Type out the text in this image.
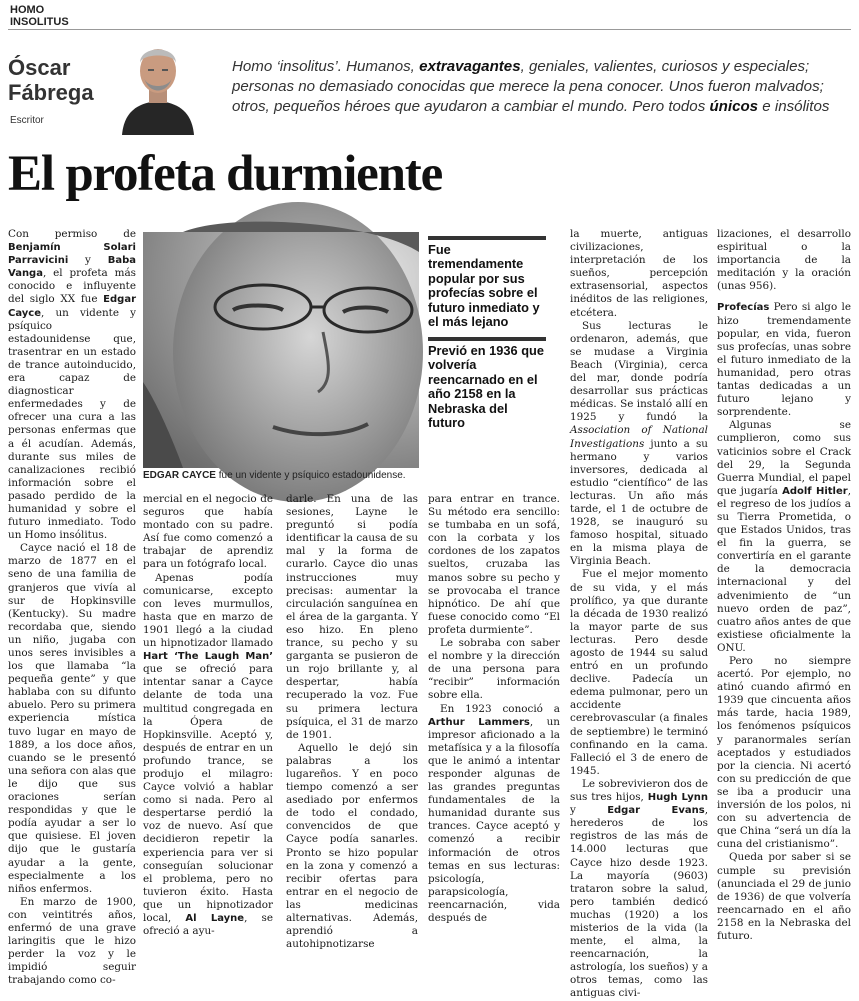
HOMO
INSOLITUS
Óscar
Fábrega
Escritor
Homo ‘insolitus’. Humanos, extravagantes, geniales, valientes, curiosos y especiales; personas no demasiado conocidas que merece la pena conocer. Unos fueron malvados; otros, pequeños héroes que ayudaron a cambiar el mundo. Pero todos únicos e insólitos
El profeta durmiente

Con permiso de Benjamín Solari Parravicini y Baba Vanga, el profeta más conocido e influyente del siglo XX fue Edgar Cayce, un vidente y psíquico estadounidense que, trasentrar en un estado de trance autoinducido, era capaz de diagnosticar enfermedades y de ofrecer una cura a las personas enfermas que a él acudían. Además, durante sus miles de canalizaciones recibió información sobre el pasado perdido de la humanidad y sobre el futuro inmediato. Todo un Homo insólitus.

Cayce nació el 18 de marzo de 1877 en el seno de una familia de granjeros que vivía al sur de Hopkinsville (Kentucky). Su madre recordaba que, siendo un niño, jugaba con unos seres invisibles a los que llamaba “la pequeña gente” y que hablaba con su difunto abuelo. Pero su primera experiencia mística tuvo lugar en mayo de 1889, a los doce años, cuando se le presentó una señora con alas que le dijo que sus oraciones serían respondidas y que le podía ayudar a ser lo que quisiese. El joven dijo que le gustaría ayudar a la gente, especialmente a los niños enfermos.

En marzo de 1900, con veintitrés años, enfermó de una grave laringitis que le hizo perder la voz y le impidió seguir trabajando como co-

EDGAR CAYCE fue un vidente y psíquico estadounidense.
Fue tremendamente popular por sus profecías sobre el futuro inmediato y el más lejano
Previó en 1936 que volvería reencarnado en el año 2158 en la Nebraska del futuro

mercial en el negocio de seguros que había montado con su padre. Así fue como comenzó a trabajar de aprendiz para un fotógrafo local.

Apenas podía comunicarse, excepto con leves murmullos, hasta que en marzo de 1901 llegó a la ciudad un hipnotizador llamado Hart ‘The Laugh Man’ que se ofreció para intentar sanar a Cayce delante de toda una multitud congregada en la Ópera de Hopkinsville. Aceptó y, después de entrar en un profundo trance, se produjo el milagro: Cayce volvió a hablar como si nada. Pero al despertarse perdió la voz de nuevo. Así que decidieron repetir la experiencia para ver si conseguían solucionar el problema, pero no tuvieron éxito. Hasta que un hipnotizador local, Al Layne, se ofreció a ayu-

darle. En una de las sesiones, Layne le preguntó si podía identificar la causa de su mal y la forma de curarlo. Cayce dio unas instrucciones muy precisas: aumentar la circulación sanguínea en el área de la garganta. Y eso hizo. En pleno trance, su pecho y su garganta se pusieron de un rojo brillante y, al despertar, había recuperado la voz. Fue su primera lectura psíquica, el 31 de marzo de 1901.

Aquello le dejó sin palabras a los lugareños. Y en poco tiempo comenzó a ser asediado por enfermos de todo el condado, convencidos de que Cayce podía sanarles. Pronto se hizo popular en la zona y comenzó a recibir ofertas para entrar en el negocio de las medicinas alternativas. Además, aprendió a autohipnotizarse

para entrar en trance. Su método era sencillo: se tumbaba en un sofá, con la corbata y los cordones de los zapatos sueltos, cruzaba las manos sobre su pecho y se provocaba el trance hipnótico. De ahí que fuese conocido como “El profeta durmiente”.

Le sobraba con saber el nombre y la dirección de una persona para “recibir” información sobre ella.

En 1923 conoció a Arthur Lammers, un impresor aficionado a la metafísica y a la filosofía que le animó a intentar responder algunas de las grandes preguntas fundamentales de la humanidad durante sus trances. Cayce aceptó y comenzó a recibir información de otros temas en sus lecturas: psicología, parapsicología, reencarnación, vida después de

la muerte, antiguas civilizaciones, interpretación de los sueños, percepción extrasensorial, aspectos inéditos de las religiones, etcétera.

Sus lecturas le ordenaron, además, que se mudase a Virginia Beach (Virginia), cerca del mar, donde podría desarrollar sus prácticas médicas. Se instaló allí en 1925 y fundó la Association of National Investigations junto a su hermano y varios inversores, dedicada al estudio “científico” de las lecturas. Un año más tarde, el 1 de octubre de 1928, se inauguró su famoso hospital, situado en la misma playa de Virginia Beach.

Fue el mejor momento de su vida, y el más prolífico, ya que durante la década de 1930 realizó la mayor parte de sus lecturas. Pero desde agosto de 1944 su salud entró en un profundo declive. Padecía un edema pulmonar, pero un accidente cerebrovascular (a finales de septiembre) le terminó confinando en la cama. Falleció el 3 de enero de 1945.

Le sobrevivieron dos de sus tres hijos, Hugh Lynn y Edgar Evans, herederos de los registros de las más de 14.000 lecturas que Cayce hizo desde 1923. La mayoría (9603) trataron sobre la salud, pero también dedicó muchas (1920) a los misterios de la vida (la mente, el alma, la reencarnación, la astrología, los sueños) y a otros temas, como las antiguas civi-

lizaciones, el desarrollo espiritual o la importancia de la meditación y la oración (unas 956).

Profecías Pero si algo le hizo tremendamente popular, en vida, fueron sus profecías, unas sobre el futuro inmediato de la humanidad, pero otras tantas dedicadas a un futuro lejano y sorprendente.

Algunas se cumplieron, como sus vaticinios sobre el Crack del 29, la Segunda Guerra Mundial, el papel que jugaría Adolf Hitler, el regreso de los judíos a su Tierra Prometida, o que Estados Unidos, tras el fin la guerra, se convertiría en el garante de la democracia internacional y del advenimiento de “un nuevo orden de paz”, cuatro años antes de que existiese oficialmente la ONU.

Pero no siempre acertó. Por ejemplo, no atinó cuando afirmó en 1939 que cincuenta años más tarde, hacia 1989, los fenómenos psíquicos y paranormales serían aceptados y estudiados por la ciencia. Ni acertó con su predicción de que se iba a producir una inversión de los polos, ni con su advertencia de que China “será un día la cuna del cristianismo”.

Queda por saber si se cumple su previsión (anunciada el 29 de junio de 1936) de que volvería reencarnado en el año 2158 en la Nebraska del futuro.
